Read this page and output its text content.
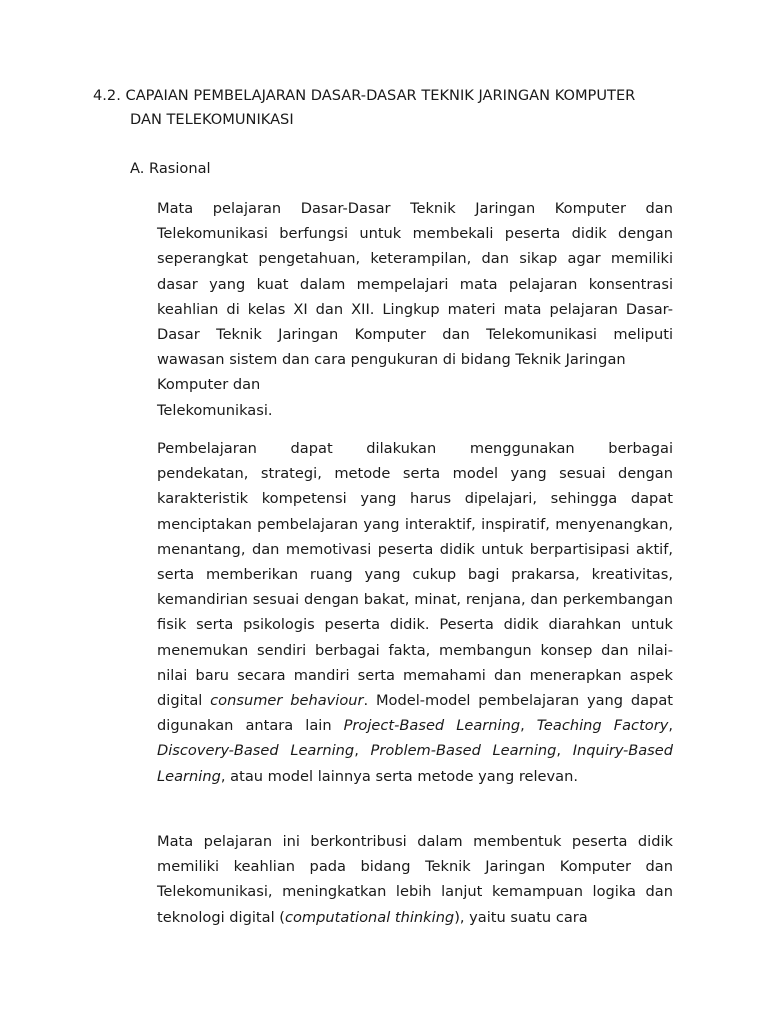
4.2. CAPAIAN PEMBELAJARAN DASAR-DASAR TEKNIK JARINGAN KOMPUTER
DAN TELEKOMUNIKASI
A. Rasional
Mata pelajaran Dasar-Dasar Teknik Jaringan Komputer dan Telekomunikasi berfungsi untuk membekali peserta didik dengan seperangkat pengetahuan, keterampilan, dan sikap agar memiliki dasar yang kuat dalam mempelajari mata pelajaran konsentrasi keahlian di kelas XI dan XII. Lingkup materi mata pelajaran Dasar-Dasar Teknik Jaringan Komputer dan Telekomunikasi meliputi wawasan sistem dan cara pengukuran di bidang Teknik Jaringan
Komputer dan
Telekomunikasi.
Pembelajaran dapat dilakukan menggunakan berbagai
pendekatan, strategi, metode serta model yang sesuai dengan karakteristik kompetensi yang harus dipelajari, sehingga dapat menciptakan pembelajaran yang interaktif, inspiratif, menyenangkan, menantang, dan memotivasi peserta didik untuk berpartisipasi aktif, serta memberikan ruang yang cukup bagi prakarsa, kreativitas, kemandirian sesuai dengan bakat, minat, renjana, dan perkembangan fisik serta psikologis peserta didik. Peserta didik diarahkan untuk menemukan sendiri berbagai fakta, membangun konsep dan nilai-nilai baru secara mandiri serta memahami dan menerapkan aspek digital consumer behaviour. Model-model pembelajaran yang dapat digunakan antara lain Project-Based Learning, Teaching Factory, Discovery-Based Learning, Problem-Based Learning, Inquiry-Based Learning, atau model lainnya serta metode yang relevan.
Mata pelajaran ini berkontribusi dalam membentuk peserta didik memiliki keahlian pada bidang Teknik Jaringan Komputer dan Telekomunikasi, meningkatkan lebih lanjut kemampuan logika dan teknologi digital (computational thinking), yaitu suatu cara
